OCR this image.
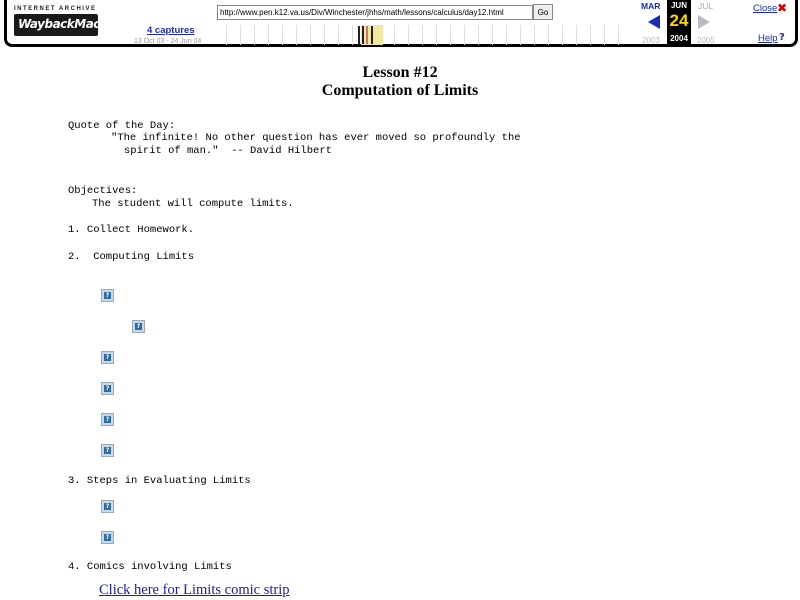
INTERNET ARCHIVE
WaybackMachine 4 captures
13 Oct 03 - 24 Jun 04
http://www.pen.k12.va.us/Div/Winchester/jhhs/math/lessons/calculus/day12.html	Go
MAR
2003
JUN
24
2004
JUL
2005
Close ✖
Help ?
Lesson #12
Computation of Limits
Quote of the Day:
"The infinite! No other question has ever moved so profoundly the
spirit of man."  -- David Hilbert
Objectives:
The student will compute limits.
1. Collect Homework.
2.  Computing Limits
?
?
?
?
?
?
3. Steps in Evaluating Limits
?
?
4. Comics involving Limits
Click here for Limits comic strip
